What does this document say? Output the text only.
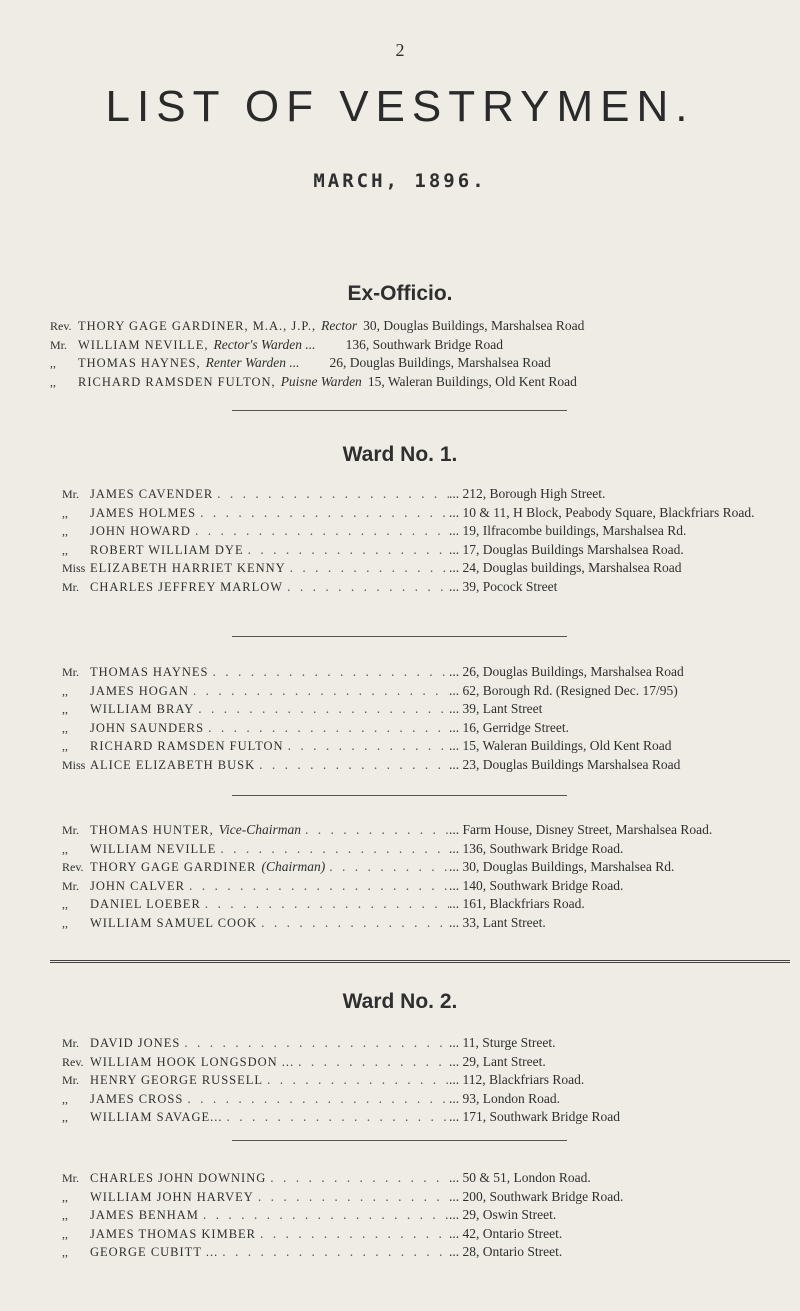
2
LIST OF VESTRYMEN.
MARCH, 1896.
Ex-Officio.
Rev. THORY GAGE GARDINER, M.A., J.P., Rector 30, Douglas Buildings, Marshalsea Road
Mr. WILLIAM NEVILLE, Rector's Warden ... 136, Southwark Bridge Road
,,	THOMAS HAYNES, Renter Warden ... 26, Douglas Buildings, Marshalsea Road
,,	RICHARD RAMSDEN FULTON, Puisne Warden 15, Waleran Buildings, Old Kent Road
Ward No. 1.
Mr. JAMES CAVENDER . . .	... 212, Borough High Street.
,,	JAMES HOLMES . . .	... 10 & 11, H Block, Peabody Square, Blackfriars Road.
,,	JOHN HOWARD . . .	... 19, Ilfracombe buildings, Marshalsea Rd.
,,	ROBERT WILLIAM DYE . . .	... 17, Douglas Buildings Marshalsea Road.
Miss ELIZABETH HARRIET KENNY . . .	... 24, Douglas buildings, Marshalsea Road
Mr. CHARLES JEFFREY MARLOW . . .	... 39, Pocock Street
Mr. THOMAS HAYNES . . .	... 26, Douglas Buildings, Marshalsea Road
,,	JAMES HOGAN . . .	... 62, Borough Rd. (Resigned Dec. 17/95)
,,	WILLIAM BRAY . . .	... 39, Lant Street
,,	JOHN SAUNDERS . . .	... 16, Gerridge Street.
,,	RICHARD RAMSDEN FULTON . . .	... 15, Waleran Buildings, Old Kent Road
Miss ALICE ELIZABETH BUSK . . .	... 23, Douglas Buildings Marshalsea Road
Mr. THOMAS HUNTER, Vice-Chairman . . .	... Farm House, Disney Street, Marshalsea Road.
,,	WILLIAM NEVILLE . . .	... 136, Southwark Bridge Road.
Rev. THORY GAGE GARDINER (Chairman) . . .	... 30, Douglas Buildings, Marshalsea Rd.
Mr. JOHN CALVER . . .	... 140, Southwark Bridge Road.
,,	DANIEL LOEBER . . .	... 161, Blackfriars Road.
,,	WILLIAM SAMUEL COOK . . .	... 33, Lant Street.
Ward No. 2.
Mr. DAVID JONES . . .	... 11, Sturge Street.
Rev. WILLIAM HOOK LONGSDON ... . . .	... 29, Lant Street.
Mr. HENRY GEORGE RUSSELL . . .	... 112, Blackfriars Road.
,,	JAMES CROSS . . .	... 93, London Road.
,,	WILLIAM SAVAGE... . . .	... 171, Southwark Bridge Road
Mr. CHARLES JOHN DOWNING . . .	... 50 & 51, London Road.
,,	WILLIAM JOHN HARVEY . . .	... 200, Southwark Bridge Road.
,,	JAMES BENHAM . . .	... 29, Oswin Street.
,,	JAMES THOMAS KIMBER . . .	... 42, Ontario Street.
,,	GEORGE CUBITT ... . . .	... 28, Ontario Street.
